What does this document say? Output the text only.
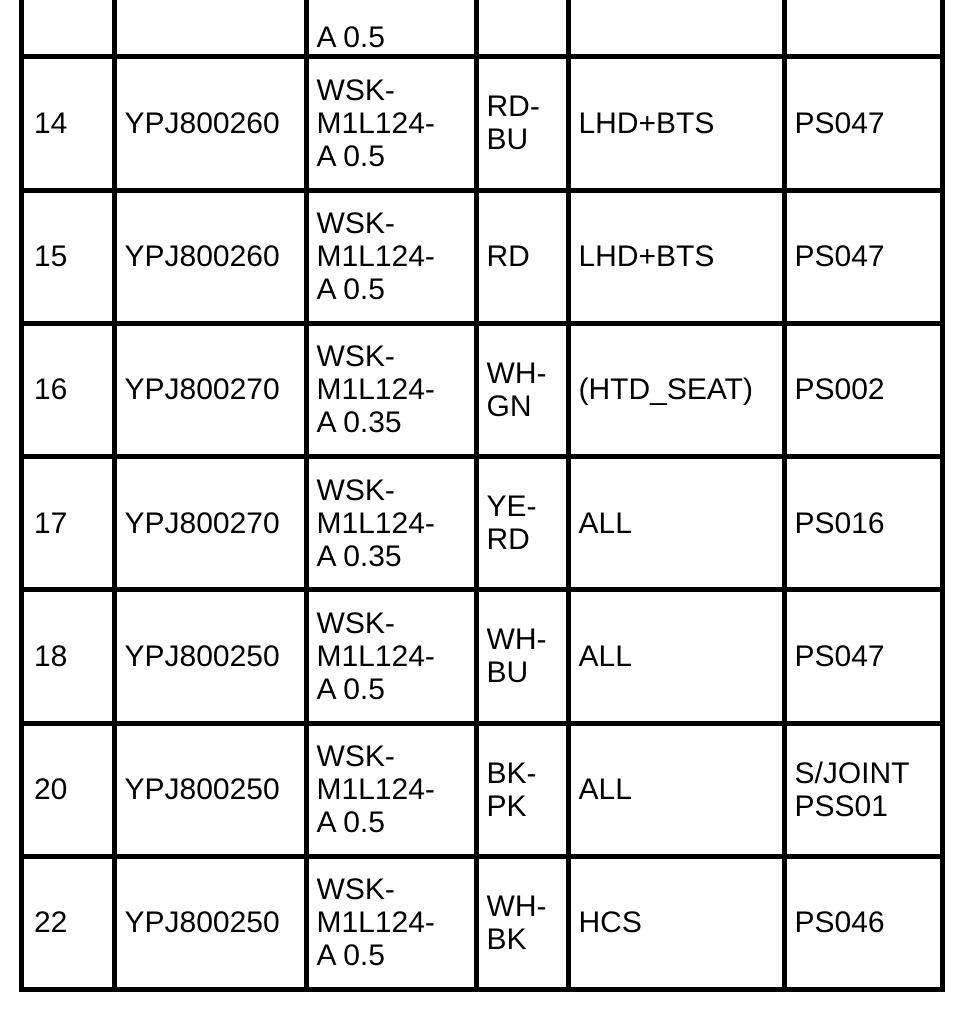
		A 0.5			

14	YPJ800260	WSK-
M1L124-
A 0.5	RD-
BU	LHD+BTS	PS047

15	YPJ800260	WSK-
M1L124-
A 0.5	RD	LHD+BTS	PS047

16	YPJ800270	WSK-
M1L124-
A 0.35	WH-
GN	(HTD_SEAT)	PS002

17	YPJ800270	WSK-
M1L124-
A 0.35	YE-
RD	ALL	PS016

18	YPJ800250	WSK-
M1L124-
A 0.5	WH-
BU	ALL	PS047

20	YPJ800250	WSK-
M1L124-
A 0.5	BK-
PK	ALL	S/JOINT
PSS01

22	YPJ800250	WSK-
M1L124-
A 0.5	WH-
BK	HCS	PS046
